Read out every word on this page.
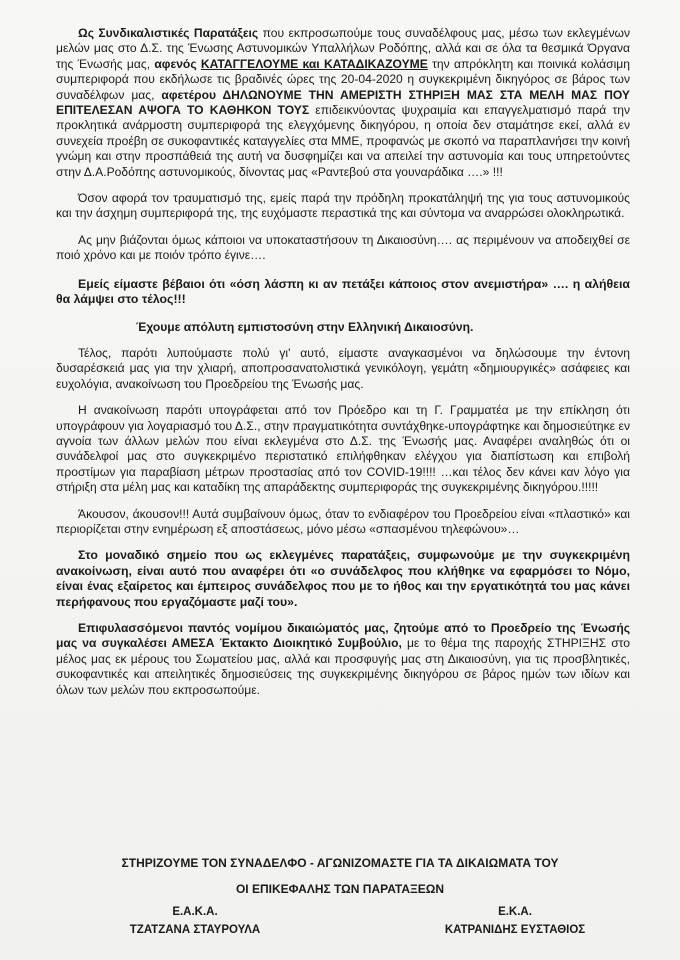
Ως Συνδικαλιστικές Παρατάξεις που εκπροσωπούμε τους συναδέλφους μας, μέσω των εκλεγμένων μελών μας στο Δ.Σ. της Ένωσης Αστυνομικών Υπαλλήλων Ροδόπης, αλλά και σε όλα τα θεσμικά Όργανα της Ένωσής μας, αφενός ΚΑΤΑΓΓΕΛΟΥΜΕ και ΚΑΤΑΔΙΚΑΖΟΥΜΕ την απρόκλητη και ποινικά κολάσιμη συμπεριφορά που εκδήλωσε τις βραδινές ώρες της 20-04-2020 η συγκεκριμένη δικηγόρος σε βάρος των συναδέλφων μας, αφετέρου ΔΗΛΩΝΟΥΜΕ ΤΗΝ ΑΜΕΡΙΣΤΗ ΣΤΗΡΙΞΗ ΜΑΣ ΣΤΑ ΜΕΛΗ ΜΑΣ ΠΟΥ ΕΠΙΤΕΛΕΣΑΝ ΑΨΟΓΑ ΤΟ ΚΑΘΗΚΟΝ ΤΟΥΣ επιδεικνύοντας ψυχραιμία και επαγγελματισμό παρά την προκλητικά ανάρμοστη συμπεριφορά της ελεγχόμενης δικηγόρου, η οποία δεν σταμάτησε εκεί, αλλά εν συνεχεία προέβη σε συκοφαντικές καταγγελίες στα ΜΜΕ, προφανώς με σκοπό να παραπλανήσει την κοινή γνώμη και στην προσπάθειά της αυτή να δυσφημίζει και να απειλεί την αστυνομία και τους υπηρετούντες στην Δ.Α.Ροδόπης αστυνομικούς, δίνοντας μας «Ραντεβού στα γουναράδικα ….» !!!

Όσον αφορά τον τραυματισμό της, εμείς παρά την πρόδηλη προκατάληψή της για τους αστυνομικούς και την άσχημη συμπεριφορά της, της ευχόμαστε περαστικά της και σύντομα να αναρρώσει ολοκληρωτικά.

Ας μην βιάζονται όμως κάποιοι να υποκαταστήσουν τη Δικαιοσύνη…. ας περιμένουν να αποδειχθεί σε ποιό χρόνο και με ποιόν τρόπο έγινε….

Εμείς είμαστε βέβαιοι ότι «όση λάσπη κι αν πετάξει κάποιος στον ανεμιστήρα» …. η αλήθεια θα λάμψει στο τέλος!!!

Έχουμε απόλυτη εμπιστοσύνη στην Ελληνική Δικαιοσύνη.

Τέλος, παρότι λυπούμαστε πολύ γι' αυτό, είμαστε αναγκασμένοι να δηλώσουμε την έντονη δυσαρέσκειά μας για την χλιαρή, αποπροσανατολιστικά γενικόλογη, γεμάτη «δημιουργικές» ασάφειες και ευχολόγια, ανακοίνωση του Προεδρείου της Ένωσής μας.

Η ανακοίνωση παρότι υπογράφεται από τον Πρόεδρο και τη Γ. Γραμματέα με την επίκληση ότι υπογράφουν για λογαριασμό του Δ.Σ., στην πραγματικότητα συντάχθηκε-υπογράφτηκε και δημοσιεύτηκε εν αγνοία των άλλων μελών που είναι εκλεγμένα στο Δ.Σ. της Ένωσής μας. Αναφέρει αναληθώς ότι οι συνάδελφοί μας στο συγκεκριμένο περιστατικό επιλήφθηκαν ελέγχου για διαπίστωση και επιβολή προστίμων για παραβίαση μέτρων προστασίας από τον COVID-19!!!! …και τέλος δεν κάνει καν λόγο για στήριξη στα μέλη μας και καταδίκη της απαράδεκτης συμπεριφοράς της συγκεκριμένης δικηγόρου.!!!!!

Άκουσον, άκουσον!!! Αυτά συμβαίνουν όμως, όταν το ενδιαφέρον του Προεδρείου είναι «πλαστικό» και περιορίζεται στην ενημέρωση εξ αποστάσεως, μόνο μέσω «σπασμένου τηλεφώνου»…

Στο μοναδικό σημείο που ως εκλεγμένες παρατάξεις, συμφωνούμε με την συγκεκριμένη ανακοίνωση, είναι αυτό που αναφέρει ότι «ο συνάδελφος που κλήθηκε να εφαρμόσει το Νόμο, είναι ένας εξαίρετος και έμπειρος συνάδελφος που με το ήθος και την εργατικότητά του μας κάνει περήφανους που εργαζόμαστε μαζί του».

Επιφυλασσόμενοι παντός νομίμου δικαιώματός μας, ζητούμε από το Προεδρείο της Ένωσής μας να συγκαλέσει ΑΜΕΣΑ Έκτακτο Διοικητικό Συμβούλιο, με το θέμα της παροχής ΣΤΗΡΙΞΗΣ στο μέλος μας εκ μέρους του Σωματείου μας, αλλά και προσφυγής μας στη Δικαιοσύνη, για τις προσβλητικές, συκοφαντικές και απειλητικές δημοσιεύσεις της συγκεκριμένης δικηγόρου σε βάρος ημών των ιδίων και όλων των μελών που εκπροσωπούμε.

ΣΤΗΡΙΖΟΥΜΕ ΤΟΝ ΣΥΝΑΔΕΛΦΟ - ΑΓΩΝΙΖΟΜΑΣΤΕ ΓΙΑ ΤΑ ΔΙΚΑΙΩΜΑΤΑ ΤΟΥ
ΟΙ ΕΠΙΚΕΦΑΛΗΣ ΤΩΝ ΠΑΡΑΤΑΞΕΩΝ
Ε.Α.Κ.Α.
ΤΖΑΤΖΑΝΑ ΣΤΑΥΡΟΥΛΑ
Ε.Κ.Α.
ΚΑΤΡΑΝΙΔΗΣ ΕΥΣΤΑΘΙΟΣ
